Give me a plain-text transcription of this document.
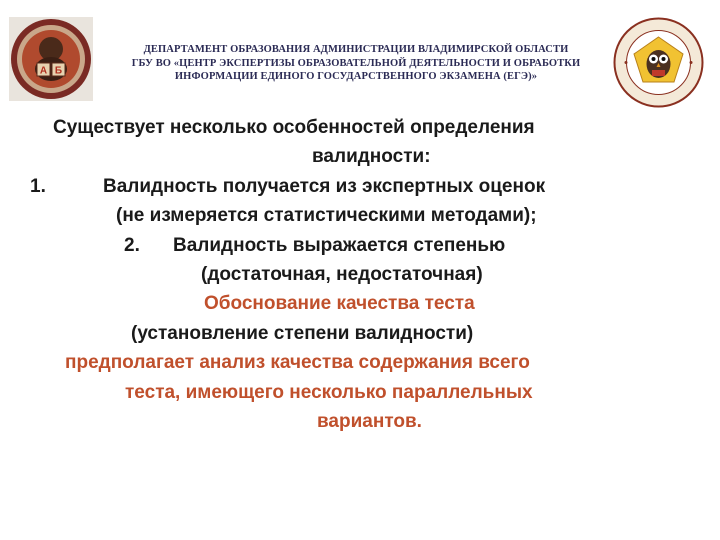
А Б
ДЕПАРТАМЕНТ ОБРАЗОВАНИЯ АДМИНИСТРАЦИИ ВЛАДИМИРСКОЙ ОБЛАСТИ
ГБУ ВО «ЦЕНТР ЭКСПЕРТИЗЫ ОБРАЗОВАТЕЛЬНОЙ ДЕЯТЕЛЬНОСТИ И ОБРАБОТКИ
ИНФОРМАЦИИ ЕДИНОГО ГОСУДАРСТВЕННОГО ЭКЗАМЕНА (ЕГЭ)»
Существует несколько особенностей определения
валидности:
1.	Валидность получается из экспертных оценок
(не измеряется статистическими методами);
2. Валидность выражается степенью
(достаточная, недостаточная)
Обоснование качества теста
(установление степени валидности)
предполагает анализ качества содержания всего
теста, имеющего несколько параллельных
вариантов.
